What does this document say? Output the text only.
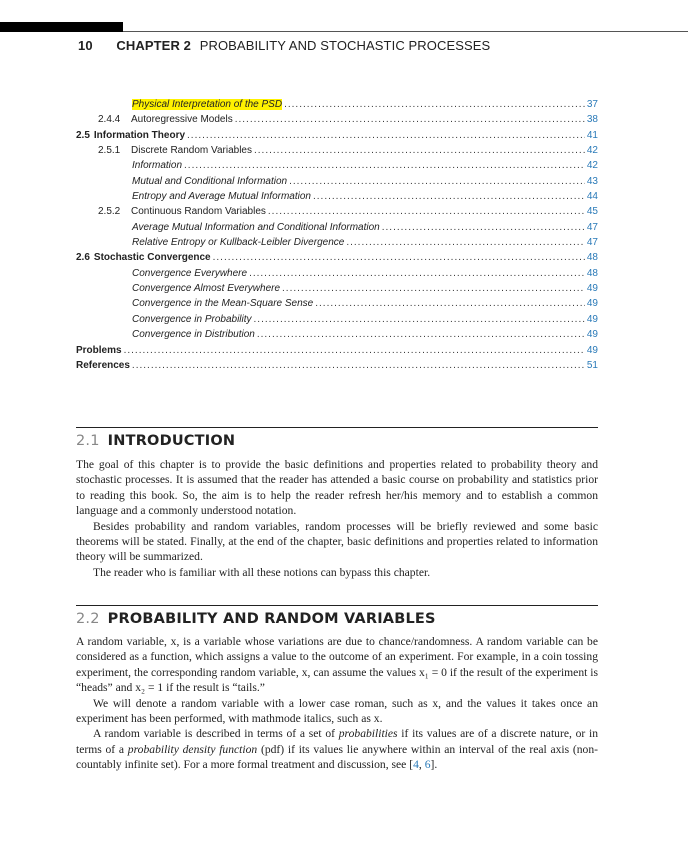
10 CHAPTER 2 PROBABILITY AND STOCHASTIC PROCESSES
Physical Interpretation of the PSD .....	37
2.4.4 Autoregressive Models .....	38
2.5 Information Theory .....	41
2.5.1 Discrete Random Variables .....	42
Information .....	42
Mutual and Conditional Information .....	43
Entropy and Average Mutual Information .....	44
2.5.2 Continuous Random Variables .....	45
Average Mutual Information and Conditional Information .....	47
Relative Entropy or Kullback-Leibler Divergence .....	47
2.6 Stochastic Convergence .....	48
Convergence Everywhere .....	48
Convergence Almost Everywhere .....	49
Convergence in the Mean-Square Sense .....	49
Convergence in Probability .....	49
Convergence in Distribution .....	49
Problems .....	49
References .....	51
2.1 INTRODUCTION

The goal of this chapter is to provide the basic definitions and properties related to probability theory and stochastic processes. It is assumed that the reader has attended a basic course on probability and statistics prior to reading this book. So, the aim is to help the reader refresh her/his memory and to establish a common language and a commonly understood notation.

Besides probability and random variables, random processes will be briefly reviewed and some basic theorems will be stated. Finally, at the end of the chapter, basic definitions and properties related to information theory will be summarized.

The reader who is familiar with all these notions can bypass this chapter.

2.2 PROBABILITY AND RANDOM VARIABLES

A random variable, x, is a variable whose variations are due to chance/randomness. A random variable can be considered as a function, which assigns a value to the outcome of an experiment. For example, in a coin tossing experiment, the corresponding random variable, x, can assume the values x₁ = 0 if the result of the experiment is “heads” and x₂ = 1 if the result is “tails.”

We will denote a random variable with a lower case roman, such as x, and the values it takes once an experiment has been performed, with mathmode italics, such as x.

A random variable is described in terms of a set of probabilities if its values are of a discrete nature, or in terms of a probability density function (pdf) if its values lie anywhere within an interval of the real axis (non-countably infinite set). For a more formal treatment and discussion, see [4, 6].
